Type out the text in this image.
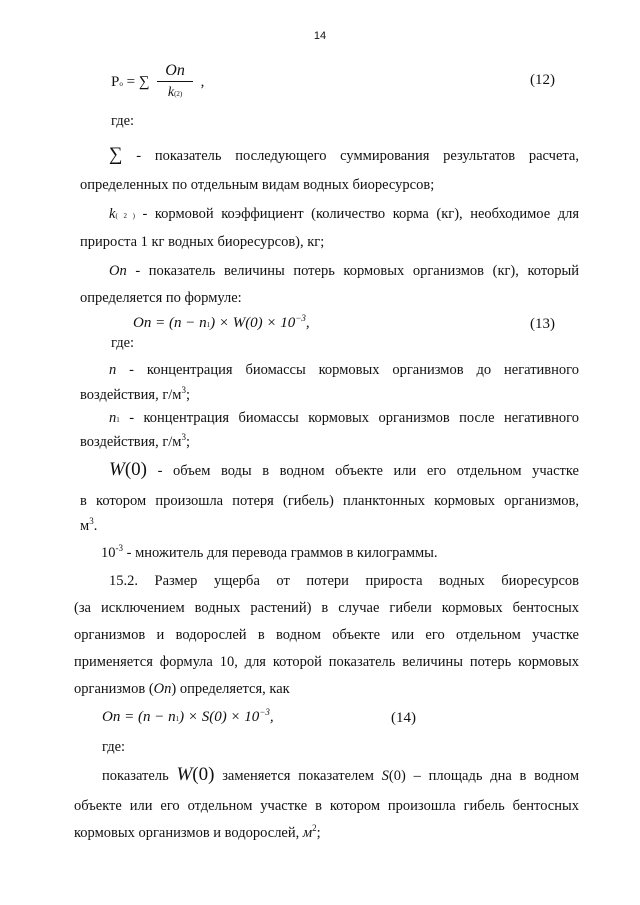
14
Ро = ∑ $\frac{Оп}{k(2)}$ ,	(12)
где:
∑ - показатель последующего суммирования результатов расчета,
определенных по отдельным видам водных биоресурсов;
k( 2 ) - кормовой коэффициент (количество корма (кг), необходимое для
прироста 1 кг водных биоресурсов), кг;
Оп - показатель величины потерь кормовых организмов (кг), который
определяется по формуле:
Оп = $(n - n1) \times W(0) \times 10^{-3}$,	(13)
где:
n - концентрация биомассы кормовых организмов до негативного
воздействия, $г/м^3$;
n1 - концентрация биомассы кормовых организмов после негативного
воздействия, $г/м^3$;
W(0) - объем воды в водном объекте или его отдельном участке
в котором произошла потеря (гибель) планктонных кормовых организмов,
$м^3$.
$10^{-3}$ - множитель для перевода граммов в килограммы.
15.2. Размер ущерба от потери прироста водных биоресурсов
(за исключением водных растений) в случае гибели кормовых бентосных
организмов и водорослей в водном объекте или его отдельном участке
применяется формула 10, для которой показатель величины потерь кормовых
организмов (Оп) определяется, как
Оп = $(n - n1) \times S(0) \times 10^{-3}$,	(14)
где:
показатель W(0) заменяется показателем S(0) – площадь дна в водном
объекте или его отдельном участке в котором произошла гибель бентосных
кормовых организмов и водорослей, $м^2$;
